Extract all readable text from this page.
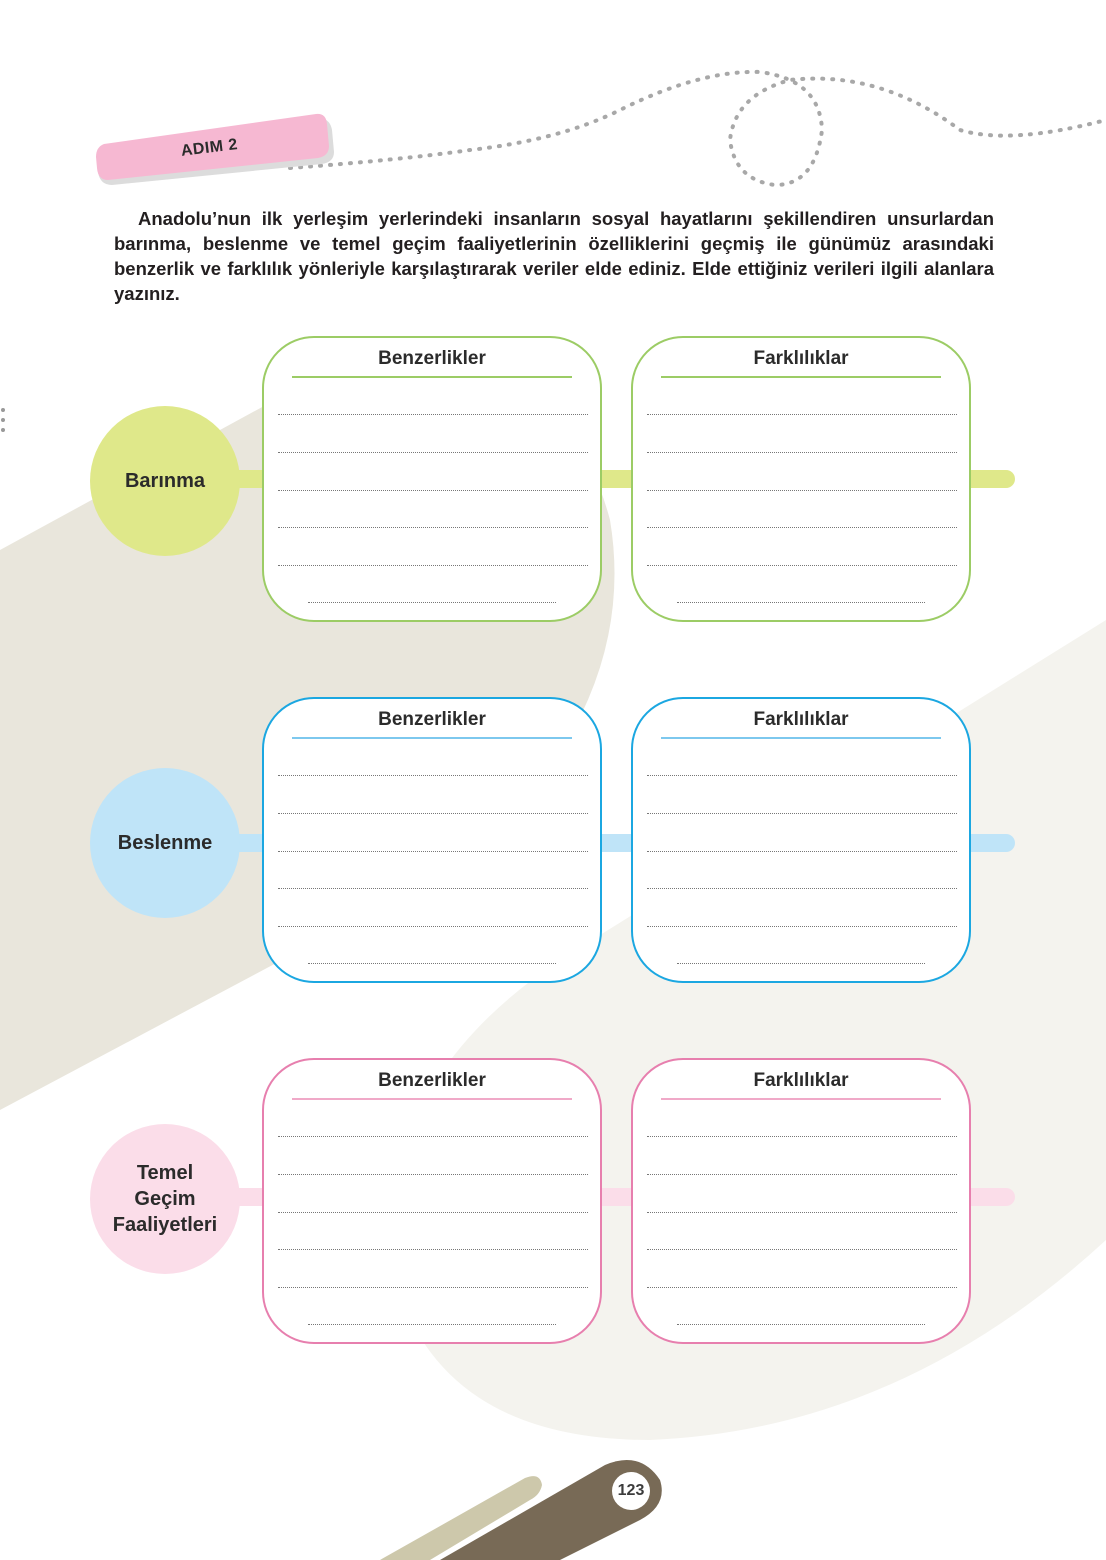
ADIM 2
Anadolu’nun ilk yerleşim yerlerindeki insanların sosyal hayatlarını şekillendiren unsurlardan barınma, beslenme ve temel geçim faaliyetlerinin özelliklerini geçmiş ile günümüz arasındaki benzerlik ve farklılık yönleriyle karşılaştırarak veriler elde ediniz. Elde ettiğiniz verileri ilgili alanlara yazınız.
Barınma
Benzerlikler	Farklılıklar
Beslenme
Benzerlikler	Farklılıklar
Temel
Geçim
Faaliyetleri
Benzerlikler	Farklılıklar
123
